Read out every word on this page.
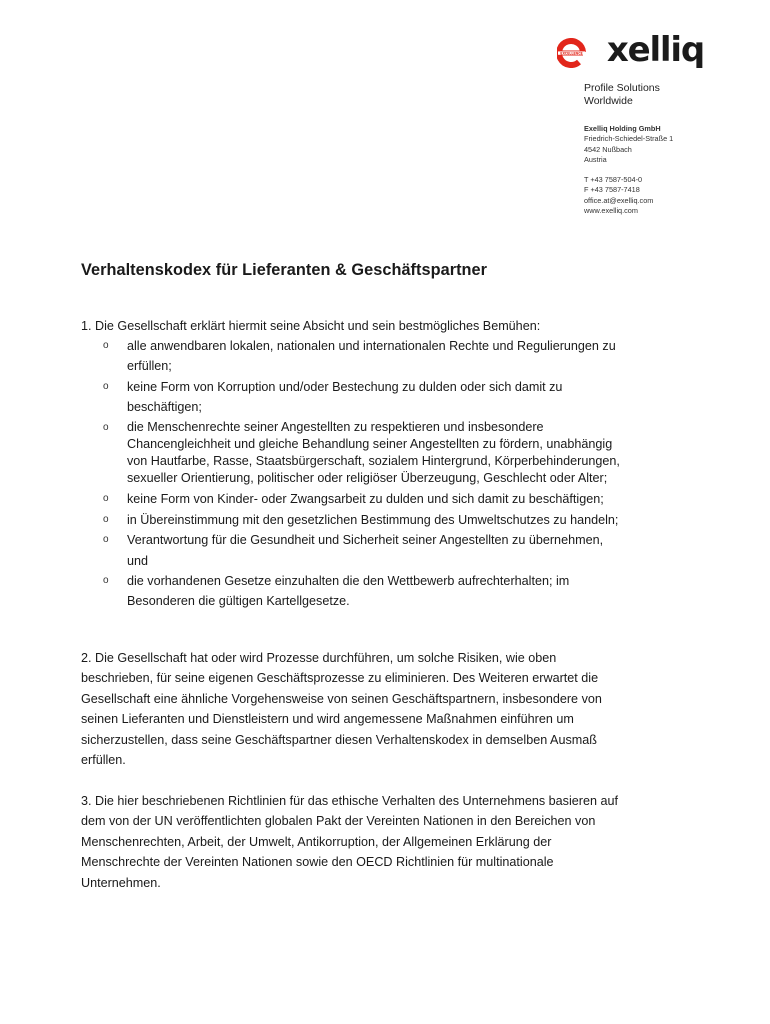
EXCELLENCE xelliq
Profile Solutions
Worldwide
Exelliq Holding GmbH
Friedrich-Schiedel-Straße 1
4542 Nußbach
Austria
T +43 7587-504-0
F +43 7587-7418
office.at@exelliq.com
www.exelliq.com
Verhaltenskodex für Lieferanten & Geschäftspartner
1. Die Gesellschaft erklärt hiermit seine Absicht und sein bestmögliches Bemühen:
o alle anwendbaren lokalen, nationalen und internationalen Rechte und Regulierungen zu
erfüllen;
o keine Form von Korruption und/oder Bestechung zu dulden oder sich damit zu
beschäftigen;
o die Menschenrechte seiner Angestellten zu respektieren und insbesondere
Chancengleichheit und gleiche Behandlung seiner Angestellten zu fördern, unabhängig
von Hautfarbe, Rasse, Staatsbürgerschaft, sozialem Hintergrund, Körperbehinderungen,
sexueller Orientierung, politischer oder religiöser Überzeugung, Geschlecht oder Alter;
o keine Form von Kinder- oder Zwangsarbeit zu dulden und sich damit zu beschäftigen;
o in Übereinstimmung mit den gesetzlichen Bestimmung des Umweltschutzes zu handeln;
o Verantwortung für die Gesundheit und Sicherheit seiner Angestellten zu übernehmen,
und
o die vorhandenen Gesetze einzuhalten die den Wettbewerb aufrechterhalten; im
Besonderen die gültigen Kartellgesetze.
2. Die Gesellschaft hat oder wird Prozesse durchführen, um solche Risiken, wie oben
beschrieben, für seine eigenen Geschäftsprozesse zu eliminieren. Des Weiteren erwartet die
Gesellschaft eine ähnliche Vorgehensweise von seinen Geschäftspartnern, insbesondere von
seinen Lieferanten und Dienstleistern und wird angemessene Maßnahmen einführen um
sicherzustellen, dass seine Geschäftspartner diesen Verhaltenskodex in demselben Ausmaß
erfüllen.
3. Die hier beschriebenen Richtlinien für das ethische Verhalten des Unternehmens basieren auf
dem von der UN veröffentlichten globalen Pakt der Vereinten Nationen in den Bereichen von
Menschenrechten, Arbeit, der Umwelt, Antikorruption, der Allgemeinen Erklärung der
Menschrechte der Vereinten Nationen sowie den OECD Richtlinien für multinationale
Unternehmen.
